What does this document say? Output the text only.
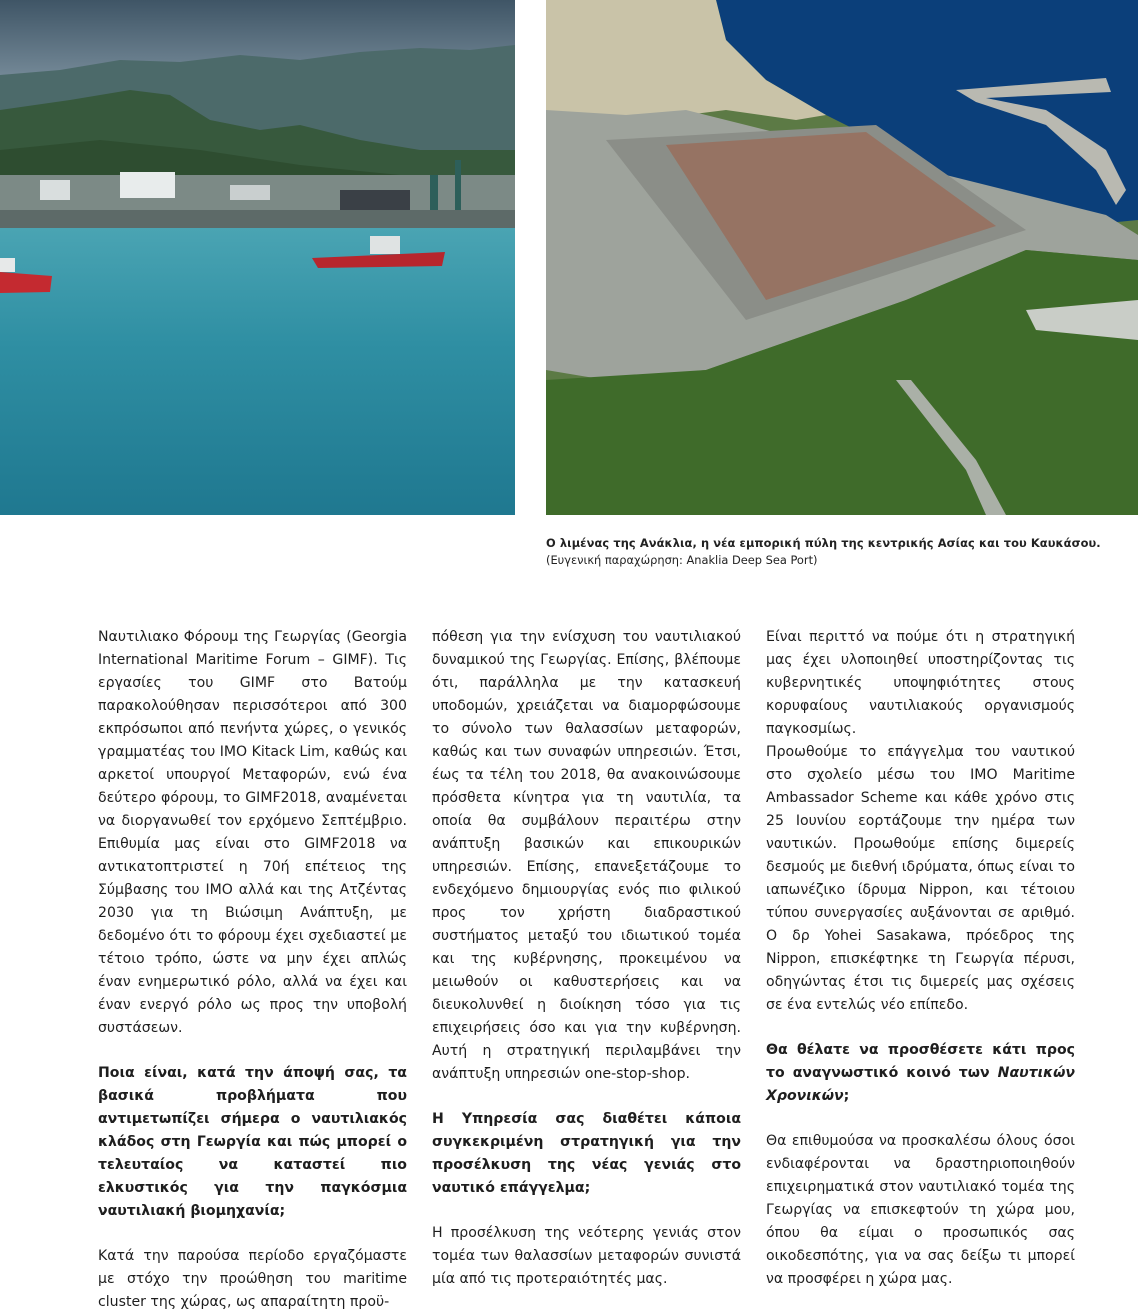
Ο λιμένας της Ανάκλια, η νέα εμπορική πύλη της κεντρικής Ασίας και του Καυκάσου.
(Ευγενική παραχώρηση: Anaklia Deep Sea Port)

Ναυτιλιακο Φόρουμ της Γεωργίας (Georgia International Maritime Forum – GIMF). Τις εργασίες του GIMF στο Βατούμ παρακολούθησαν περισσότεροι από 300 εκπρόσωποι από πενήντα χώρες, ο γενικός γραμματέας του IMO Kitack Lim, καθώς και αρκετοί υπουργοί Μεταφορών, ενώ ένα δεύτερο φόρουμ, το GIMF2018, αναμένεται να διοργανωθεί τον ερχόμενο Σεπτέμβριο. Επιθυμία μας είναι στο GIMF2018 να αντικατοπτριστεί η 70ή επέτειος της Σύμβασης του IMO αλλά και της Ατζέντας 2030 για τη Βιώσιμη Ανάπτυξη, με δεδομένο ότι το φόρουμ έχει σχεδιαστεί με τέτοιο τρόπο, ώστε να μην έχει απλώς έναν ενημερωτικό ρόλο, αλλά να έχει και έναν ενεργό ρόλο ως προς την υποβολή συστάσεων.

Ποια είναι, κατά την άποψή σας, τα βασικά προβλήματα που αντιμετωπίζει σήμερα ο ναυτιλιακός κλάδος στη Γεωργία και πώς μπορεί ο τελευταίος να καταστεί πιο ελκυστικός για την παγκόσμια ναυτιλιακή βιομηχανία;

Κατά την παρούσα περίοδο εργαζόμαστε με στόχο την προώθηση του maritime cluster της χώρας, ως απαραίτητη προϋ-

πόθεση για την ενίσχυση του ναυτιλιακού δυναμικού της Γεωργίας. Επίσης, βλέπουμε ότι, παράλληλα με την κατασκευή υποδομών, χρειάζεται να διαμορφώσουμε το σύνολο των θαλασσίων μεταφορών, καθώς και των συναφών υπηρεσιών. Έτσι, έως τα τέλη του 2018, θα ανακοινώσουμε πρόσθετα κίνητρα για τη ναυτιλία, τα οποία θα συμβάλουν περαιτέρω στην ανάπτυξη βασικών και επικουρικών υπηρεσιών. Επίσης, επανεξετάζουμε το ενδεχόμενο δημιουργίας ενός πιο φιλικού προς τον χρήστη διαδραστικού συστήματος μεταξύ του ιδιωτικού τομέα και της κυβέρνησης, προκειμένου να μειωθούν οι καθυστερήσεις και να διευκολυνθεί η διοίκηση τόσο για τις επιχειρήσεις όσο και για την κυβέρνηση. Αυτή η στρατηγική περιλαμβάνει την ανάπτυξη υπηρεσιών one-stop-shop.

Η Υπηρεσία σας διαθέτει κάποια συγκεκριμένη στρατηγική για την προσέλκυση της νέας γενιάς στο ναυτικό επάγγελμα;

Η προσέλκυση της νεότερης γενιάς στον τομέα των θαλασσίων μεταφορών συνιστά μία από τις προτεραιότητές μας.

Είναι περιττό να πούμε ότι η στρατηγική μας έχει υλοποιηθεί υποστηρίζοντας τις κυβερνητικές υποψηφιότητες στους κορυφαίους ναυτιλιακούς οργανισμούς παγκοσμίως.

Προωθούμε το επάγγελμα του ναυτικού στο σχολείο μέσω του IMO Maritime Ambassador Scheme και κάθε χρόνο στις 25 Ιουνίου εορτάζουμε την ημέρα των ναυτικών. Προωθούμε επίσης διμερείς δεσμούς με διεθνή ιδρύματα, όπως είναι το ιαπωνέζικο ίδρυμα Nippon, και τέτοιου τύπου συνεργασίες αυξάνονται σε αριθμό. Ο δρ Yohei Sasakawa, πρόεδρος της Nippon, επισκέφτηκε τη Γεωργία πέρυσι, οδηγώντας έτσι τις διμερείς μας σχέσεις σε ένα εντελώς νέο επίπεδο.

Θα θέλατε να προσθέσετε κάτι προς το αναγνωστικό κοινό των Ναυτικών Χρονικών;

Θα επιθυμούσα να προσκαλέσω όλους όσοι ενδιαφέρονται να δραστηριοποιηθούν επιχειρηματικά στον ναυτιλιακό τομέα της Γεωργίας να επισκεφτούν τη χώρα μου, όπου θα είμαι ο προσωπικός σας οικοδεσπότης, για να σας δείξω τι μπορεί να προσφέρει η χώρα μας.
